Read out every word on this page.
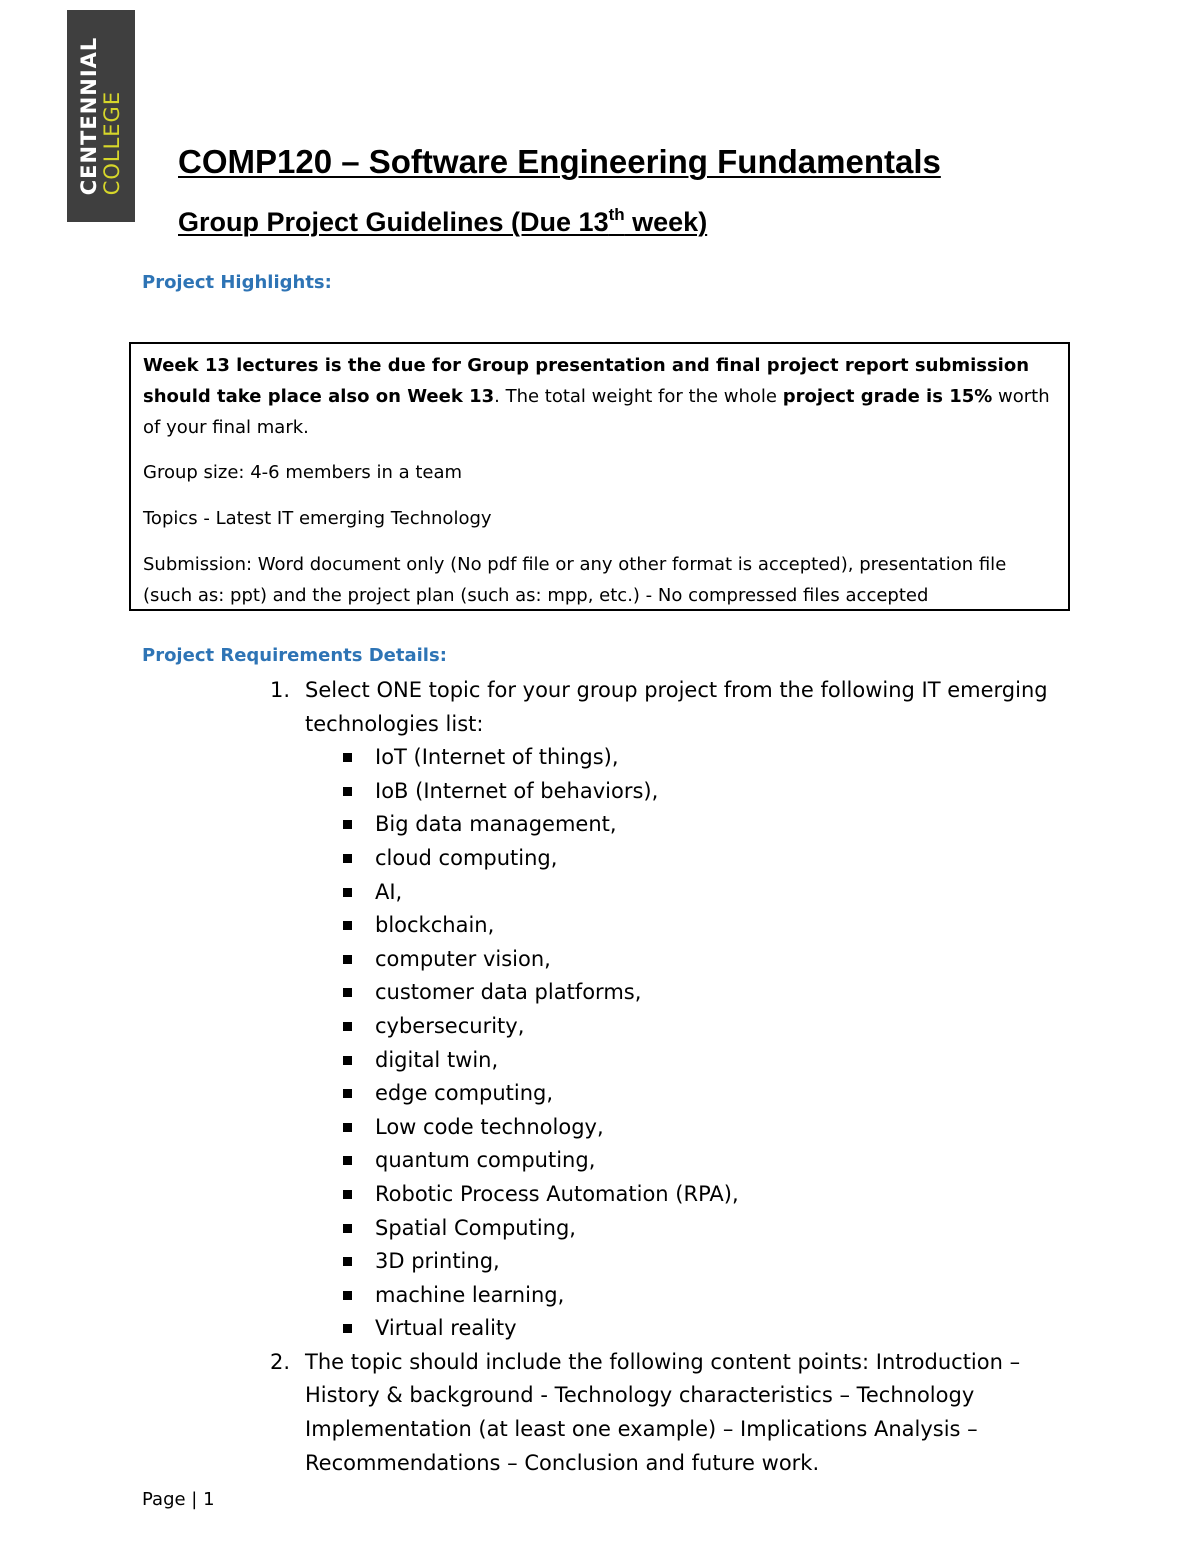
CENTENNIAL COLLEGE COMP120 – Software Engineering Fundamentals
Group Project Guidelines (Due 13th week)
Project Highlights:

Week 13 lectures is the due for Group presentation and final project report submission should take place also on Week 13. The total weight for the whole project grade is 15% worth of your final mark.

Group size: 4-6 members in a team

Topics - Latest IT emerging Technology

Submission: Word document only (No pdf file or any other format is accepted), presentation file (such as: ppt) and the project plan (such as: mpp, etc.) - No compressed files accepted

Project Requirements Details:
1. Select ONE topic for your group project from the following IT emerging technologies list:
IoT (Internet of things),
IoB (Internet of behaviors),
Big data management,
cloud computing,
AI,
blockchain,
computer vision,
customer data platforms,
cybersecurity,
digital twin,
edge computing,
Low code technology,
quantum computing,
Robotic Process Automation (RPA),
Spatial Computing,
3D printing,
machine learning,
Virtual reality
2. The topic should include the following content points: Introduction – History & background - Technology characteristics – Technology Implementation (at least one example) – Implications Analysis – Recommendations – Conclusion and future work.
Page | 1
